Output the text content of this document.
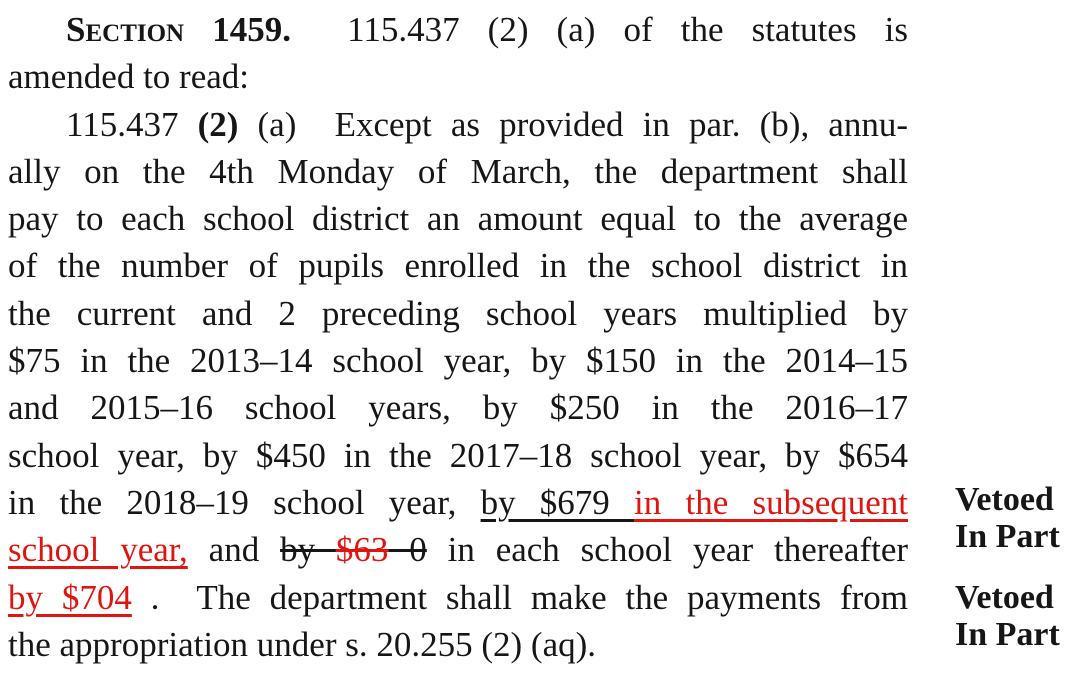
Section 1459.  115.437 (2) (a) of the statutes is
amended to read:
115.437 (2) (a)  Except as provided in par. (b), annu-
ally on the 4th Monday of March, the department shall
pay to each school district an amount equal to the average
of the number of pupils enrolled in the school district in
the current and 2 preceding school years multiplied by
$75 in the 2013–14 school year, by $150 in the 2014–15
and 2015–16 school years, by $250 in the 2016–17
school year, by $450 in the 2017–18 school year, by $654
in the 2018–19 school year, by $679 in the subsequent
school year, and by $63 0 in each school year thereafter
by $704 .  The department shall make the payments from
the appropriation under s. 20.255 (2) (aq).
Vetoed
In Part
Vetoed
In Part
